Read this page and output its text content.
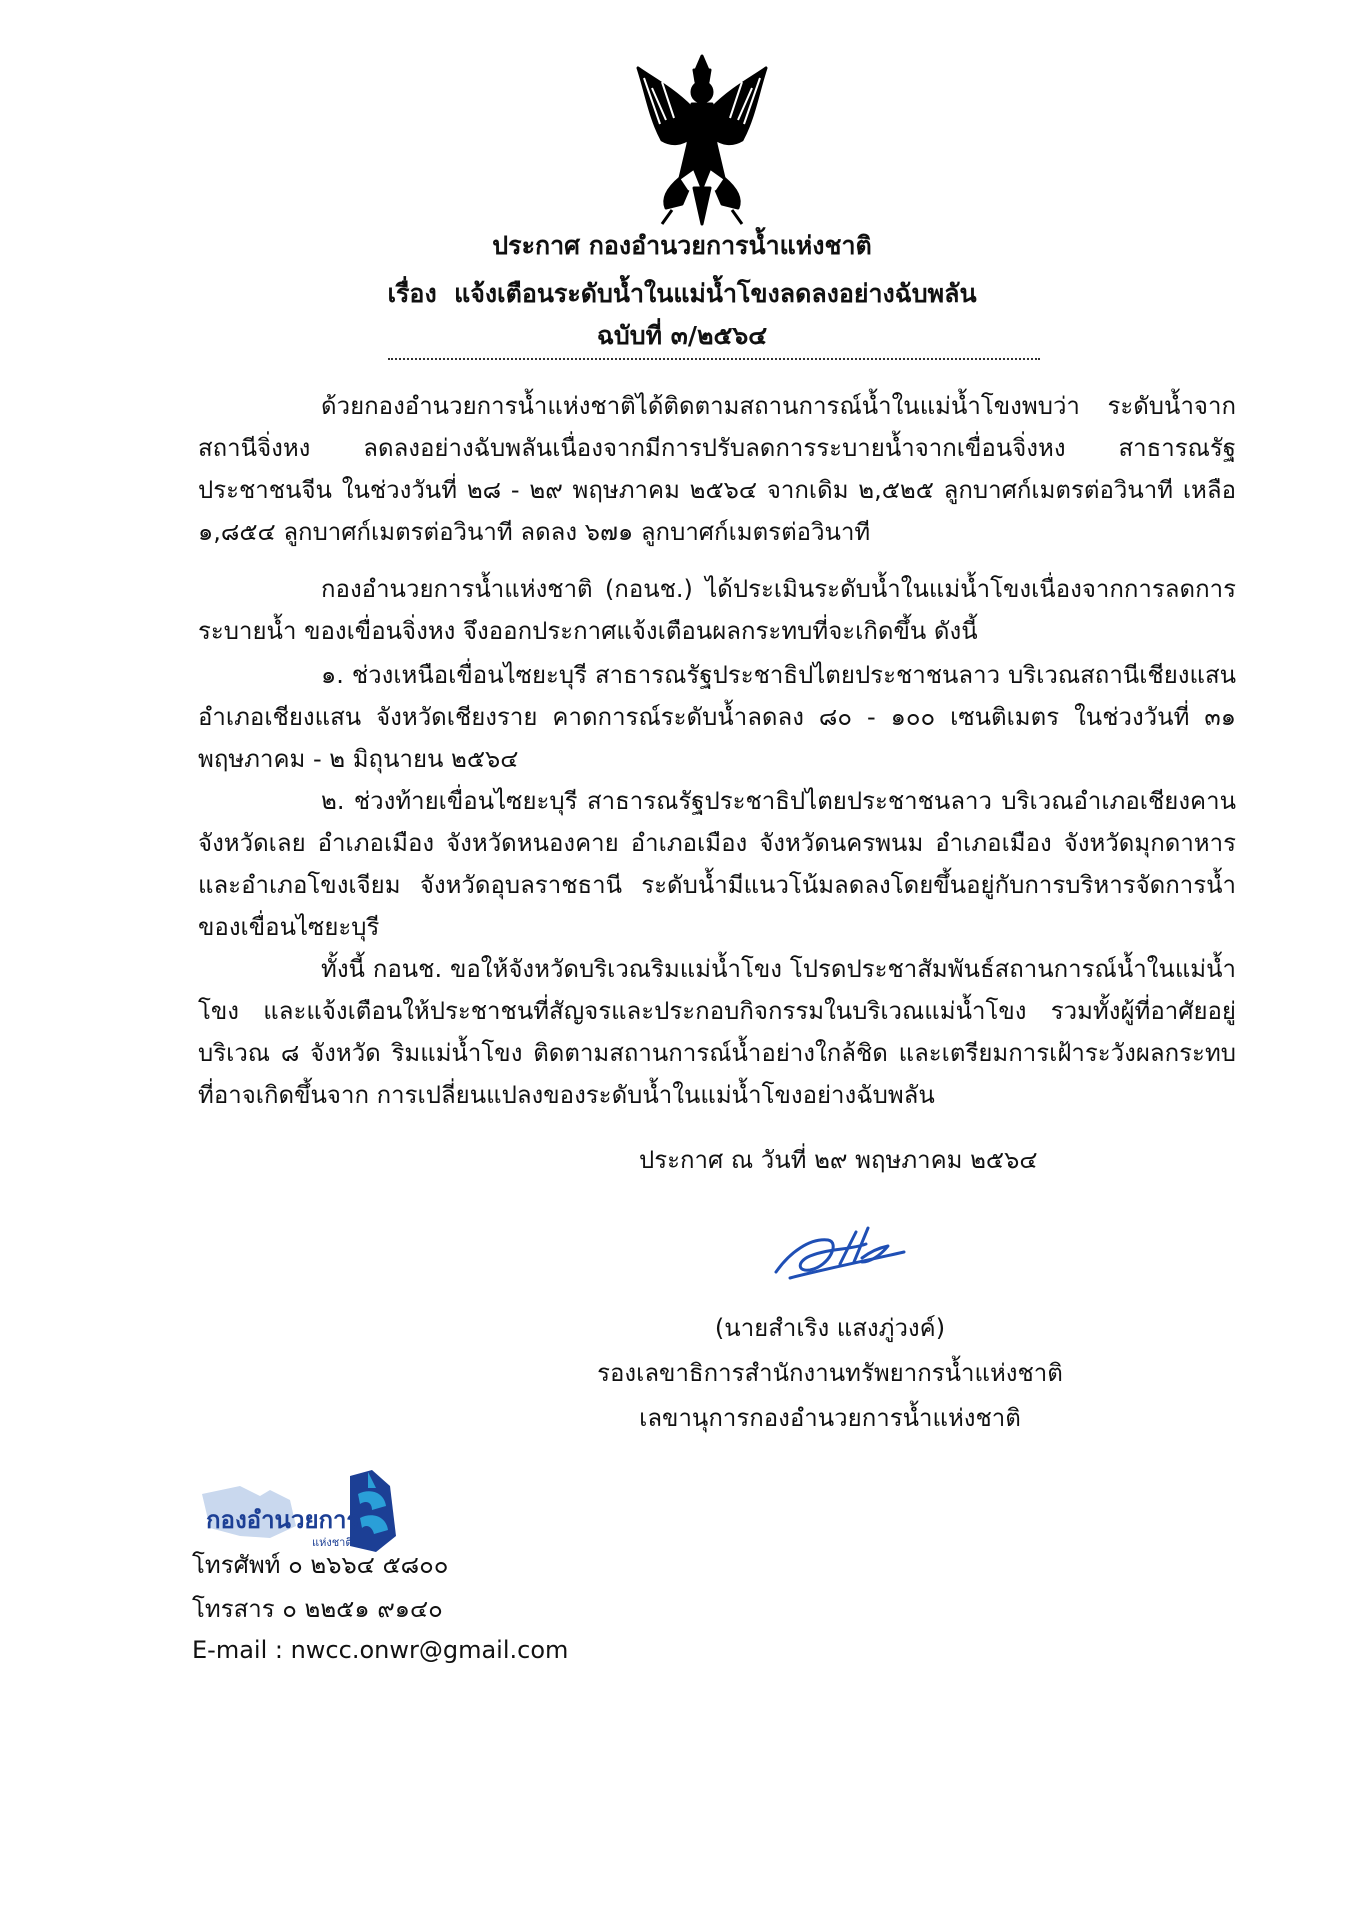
ประกาศ กองอำนวยการน้ำแห่งชาติ
เรื่อง แจ้งเตือนระดับน้ำในแม่น้ำโขงลดลงอย่างฉับพลัน
ฉบับที่ ๓/๒๕๖๔

ด้วยกองอำนวยการน้ำแห่งชาติได้ติดตามสถานการณ์น้ำในแม่น้ำโขงพบว่า ระดับน้ำจากสถานีจิ่งหง ลดลงอย่างฉับพลันเนื่องจากมีการปรับลดการระบายน้ำจากเขื่อนจิ่งหง สาธารณรัฐประชาชนจีน ในช่วงวันที่ ๒๘ - ๒๙ พฤษภาคม ๒๕๖๔ จากเดิม ๒,๕๒๕ ลูกบาศก์เมตรต่อวินาที เหลือ ๑,๘๕๔ ลูกบาศก์เมตรต่อวินาที ลดลง ๖๗๑ ลูกบาศก์เมตรต่อวินาที

กองอำนวยการน้ำแห่งชาติ (กอนช.) ได้ประเมินระดับน้ำในแม่น้ำโขงเนื่องจากการลดการระบายน้ำ ของเขื่อนจิ่งหง จึงออกประกาศแจ้งเตือนผลกระทบที่จะเกิดขึ้น ดังนี้

๑. ช่วงเหนือเขื่อนไซยะบุรี สาธารณรัฐประชาธิปไตยประชาชนลาว บริเวณสถานีเชียงแสน อำเภอเชียงแสน จังหวัดเชียงราย คาดการณ์ระดับน้ำลดลง ๘๐ - ๑๐๐ เซนติเมตร ในช่วงวันที่ ๓๑ พฤษภาคม - ๒ มิถุนายน ๒๕๖๔

๒. ช่วงท้ายเขื่อนไซยะบุรี สาธารณรัฐประชาธิปไตยประชาชนลาว บริเวณอำเภอเชียงคาน จังหวัดเลย อำเภอเมือง จังหวัดหนองคาย อำเภอเมือง จังหวัดนครพนม อำเภอเมือง จังหวัดมุกดาหาร และอำเภอโขงเจียม จังหวัดอุบลราชธานี ระดับน้ำมีแนวโน้มลดลงโดยขึ้นอยู่กับการบริหารจัดการน้ำ ของเขื่อนไซยะบุรี

ทั้งนี้ กอนช. ขอให้จังหวัดบริเวณริมแม่น้ำโขง โปรดประชาสัมพันธ์สถานการณ์น้ำในแม่น้ำโขง และแจ้งเตือนให้ประชาชนที่สัญจรและประกอบกิจกรรมในบริเวณแม่น้ำโขง รวมทั้งผู้ที่อาศัยอยู่บริเวณ ๘ จังหวัด ริมแม่น้ำโขง ติดตามสถานการณ์น้ำอย่างใกล้ชิด และเตรียมการเฝ้าระวังผลกระทบที่อาจเกิดขึ้นจาก การเปลี่ยนแปลงของระดับน้ำในแม่น้ำโขงอย่างฉับพลัน

ประกาศ ณ วันที่ ๒๙ พฤษภาคม ๒๕๖๔
(นายสำเริง แสงภู่วงค์)
รองเลขาธิการสำนักงานทรัพยากรน้ำแห่งชาติ
เลขานุการกองอำนวยการน้ำแห่งชาติ
กองอำนวยการ
แห่งชาติ
โทรศัพท์ ๐ ๒๖๖๔ ๕๘๐๐
โทรสาร ๐ ๒๒๕๑ ๙๑๔๐
E-mail : nwcc.onwr@gmail.com
